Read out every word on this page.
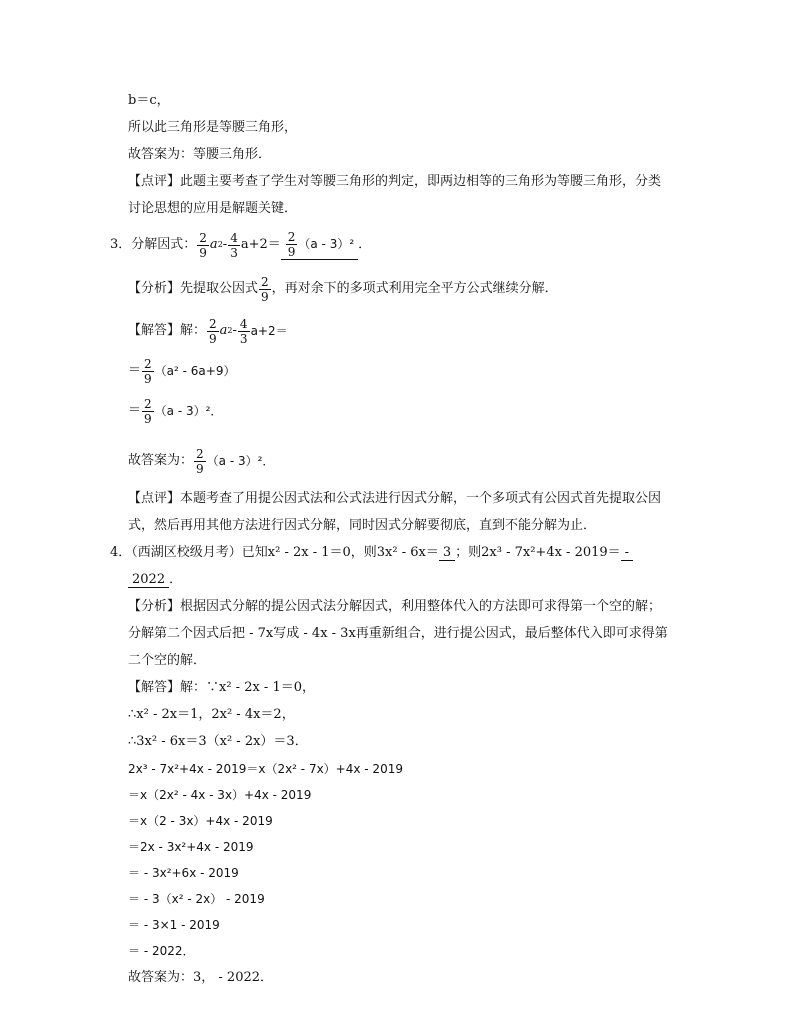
b＝c，
所以此三角形是等腰三角形，
故答案为：等腰三角形．
【点评】此题主要考查了学生对等腰三角形的判定，即两边相等的三角形为等腰三角形，分类
讨论思想的应用是解题关键．
3．分解因式： $\frac{2}{9}$ a $2 - \frac{4}{3} a+2= \frac{2}{9} (a - 3)^2$ ．
【分析】先提取公因式 $\frac{2}{9}$ ，再对余下的多项式利用完全平方公式继续分解．
【解答】解： $\frac{2}{9}$ a $2 - \frac{4}{3} a+2=$
＝ $\frac{2}{9} (a^2 - 6a+9)$
＝ $\frac{2}{9} (a - 3)^2$．
故答案为： $\frac{2}{9} (a - 3)^2$．
【点评】本题考查了用提公因式法和公式法进行因式分解，一个多项式有公因式首先提取公因
式，然后再用其他方法进行因式分解，同时因式分解要彻底，直到不能分解为止．
4．（西湖区校级月考）已知x² - 2x - 1＝0，则3x² - 6x＝ 3 ；则2x³ - 7x²+4x - 2019＝ -
2022 ．
【分析】根据因式分解的提公因式法分解因式，利用整体代入的方法即可求得第一个空的解；
分解第二个因式后把 - 7x写成 - 4x - 3x再重新组合，进行提公因式，最后整体代入即可求得第
二个空的解．
【解答】解：∵x² - 2x - 1＝0，
∴x² - 2x＝1，2x² - 4x＝2，
∴3x² - 6x＝3（x² - 2x）＝3．
2x³ - 7x²+4x - 2019＝x（2x² - 7x）+4x - 2019
＝x（2x² - 4x - 3x）+4x - 2019
＝x（2 - 3x）+4x - 2019
＝2x - 3x²+4x - 2019
＝ - 3x²+6x - 2019
＝ - 3（x² - 2x） - 2019
＝ - 3×1 - 2019
＝ - 2022．
故答案为：3， - 2022．
